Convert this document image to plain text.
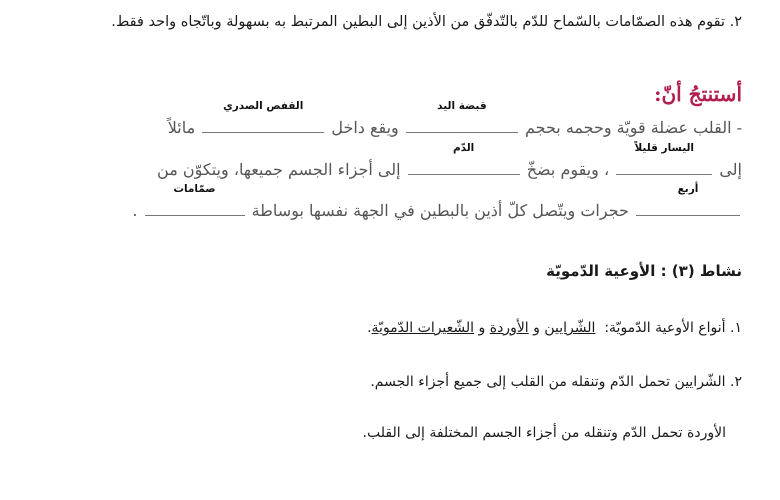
٢. تقوم هذه الصمّامات بالسّماح للدّم بالتّدفّق من الأذين إلى البطين المرتبط به بسهولة وباتّجاه واحد فقط.
أستنتجُ أنّ:
- القلب عضلة قويّة وحجمه بحجم
قبضة اليد
ويقع داخل
القفص الصدري
مائلاً
إلى
اليسار قليلاً
، ويقوم بضخّ
الدّم
إلى أجزاء الجسم جميعها، ويتكوّن من
أربع
حجرات ويتّصل كلّ أذين بالبطين في الجهة نفسها بوساطة
صمّامات
.
نشاط (٣) : الأوعية الدّمويّة
١. أنواع الأوعية الدّمويّة:  الشّرايين و الأوردة و الشّعيرات الدّمويّة.
٢. الشّرايين تحمل الدّم وتنقله من القلب إلى جميع أجزاء الجسم.
الأوردة تحمل الدّم وتنقله من أجزاء الجسم المختلفة إلى القلب.
